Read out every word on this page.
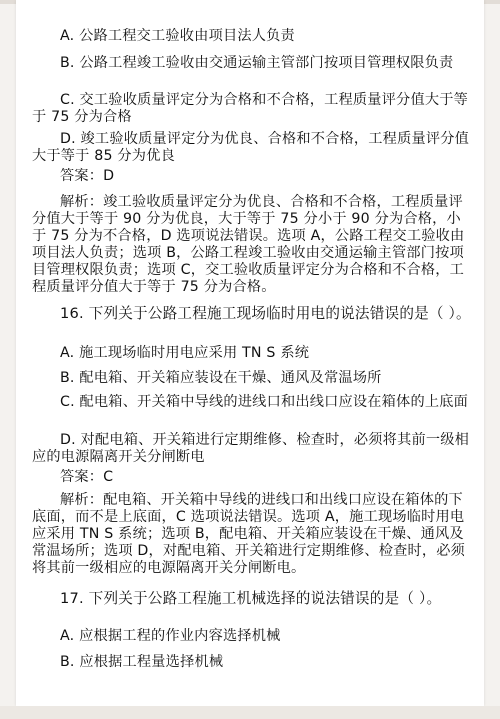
A. 公路工程交工验收由项目法人负责

B. 公路工程竣工验收由交通运输主管部门按项目管理权限负责

C. 交工验收质量评定分为合格和不合格，工程质量评分值大于等于 75 分为合格

D. 竣工验收质量评定分为优良、合格和不合格，工程质量评分值大于等于 85 分为优良

答案：D

解析：竣工验收质量评定分为优良、合格和不合格，工程质量评分值大于等于 90 分为优良，大于等于 75 分小于 90 分为合格，小于 75 分为不合格，D 选项说法错误。选项 A，公路工程交工验收由项目法人负责；选项 B，公路工程竣工验收由交通运输主管部门按项目管理权限负责；选项 C，交工验收质量评定分为合格和不合格，工程质量评分值大于等于 75 分为合格。

16. 下列关于公路工程施工现场临时用电的说法错误的是（ ）。

A. 施工现场临时用电应采用 TN S 系统

B. 配电箱、开关箱应装设在干燥、通风及常温场所

C. 配电箱、开关箱中导线的进线口和出线口应设在箱体的上底面

D. 对配电箱、开关箱进行定期维修、检查时，必须将其前一级相应的电源隔离开关分闸断电

答案：C

解析：配电箱、开关箱中导线的进线口和出线口应设在箱体的下底面，而不是上底面，C 选项说法错误。选项 A，施工现场临时用电应采用 TN S 系统；选项 B，配电箱、开关箱应装设在干燥、通风及常温场所；选项 D，对配电箱、开关箱进行定期维修、检查时，必须将其前一级相应的电源隔离开关分闸断电。

17. 下列关于公路工程施工机械选择的说法错误的是（ ）。

A. 应根据工程的作业内容选择机械

B. 应根据工程量选择机械
